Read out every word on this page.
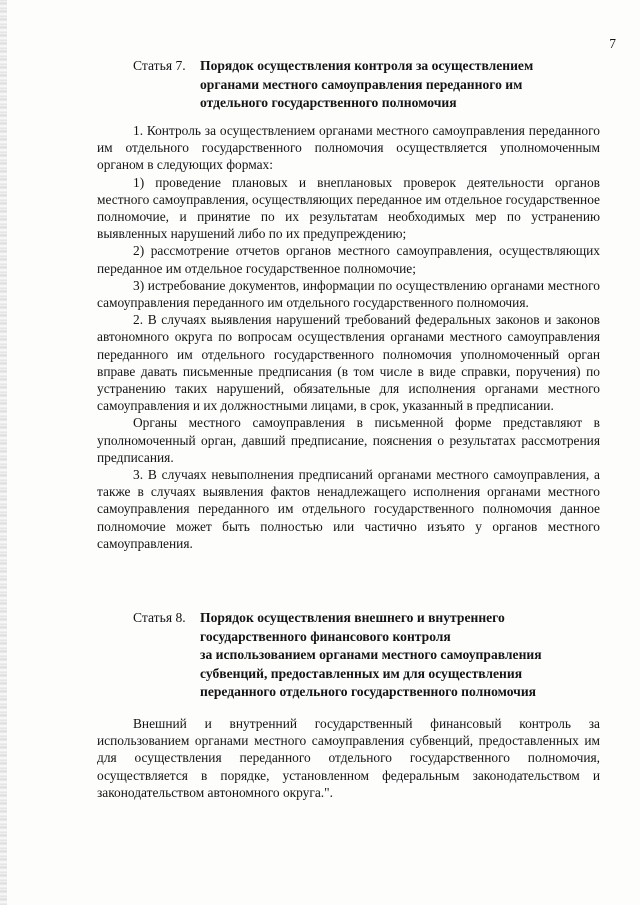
7
Статья 7. Порядок осуществления контроля за осуществлением
органами местного самоуправления переданного им
отдельного государственного полномочия

1. Контроль за осуществлением органами местного самоуправления переданного им отдельного государственного полномочия осуществляется уполномоченным органом в следующих формах:

1) проведение плановых и внеплановых проверок деятельности органов местного самоуправления, осуществляющих переданное им отдельное государственное полномочие, и принятие по их результатам необходимых мер по устранению выявленных нарушений либо по их предупреждению;

2) рассмотрение отчетов органов местного самоуправления, осуществляющих переданное им отдельное государственное полномочие;

3) истребование документов, информации по осуществлению органами местного самоуправления переданного им отдельного государственного полномочия.

2. В случаях выявления нарушений требований федеральных законов и законов автономного округа по вопросам осуществления органами местного самоуправления переданного им отдельного государственного полномочия уполномоченный орган вправе давать письменные предписания (в том числе в виде справки, поручения) по устранению таких нарушений, обязательные для исполнения органами местного самоуправления и их должностными лицами, в срок, указанный в предписании.

Органы местного самоуправления в письменной форме представляют в уполномоченный орган, давший предписание, пояснения о результатах рассмотрения предписания.

3. В случаях невыполнения предписаний органами местного самоуправления, а также в случаях выявления фактов ненадлежащего исполнения органами местного самоуправления переданного им отдельного государственного полномочия данное полномочие может быть полностью или частично изъято у органов местного самоуправления.

Статья 8. Порядок осуществления внешнего и внутреннего
государственного финансового контроля
за использованием органами местного самоуправления
субвенций, предоставленных им для осуществления
переданного отдельного государственного полномочия

Внешний и внутренний государственный финансовый контроль за использованием органами местного самоуправления субвенций, предоставленных им для осуществления переданного отдельного государственного полномочия, осуществляется в порядке, установленном федеральным законодательством и законодательством автономного округа.".
